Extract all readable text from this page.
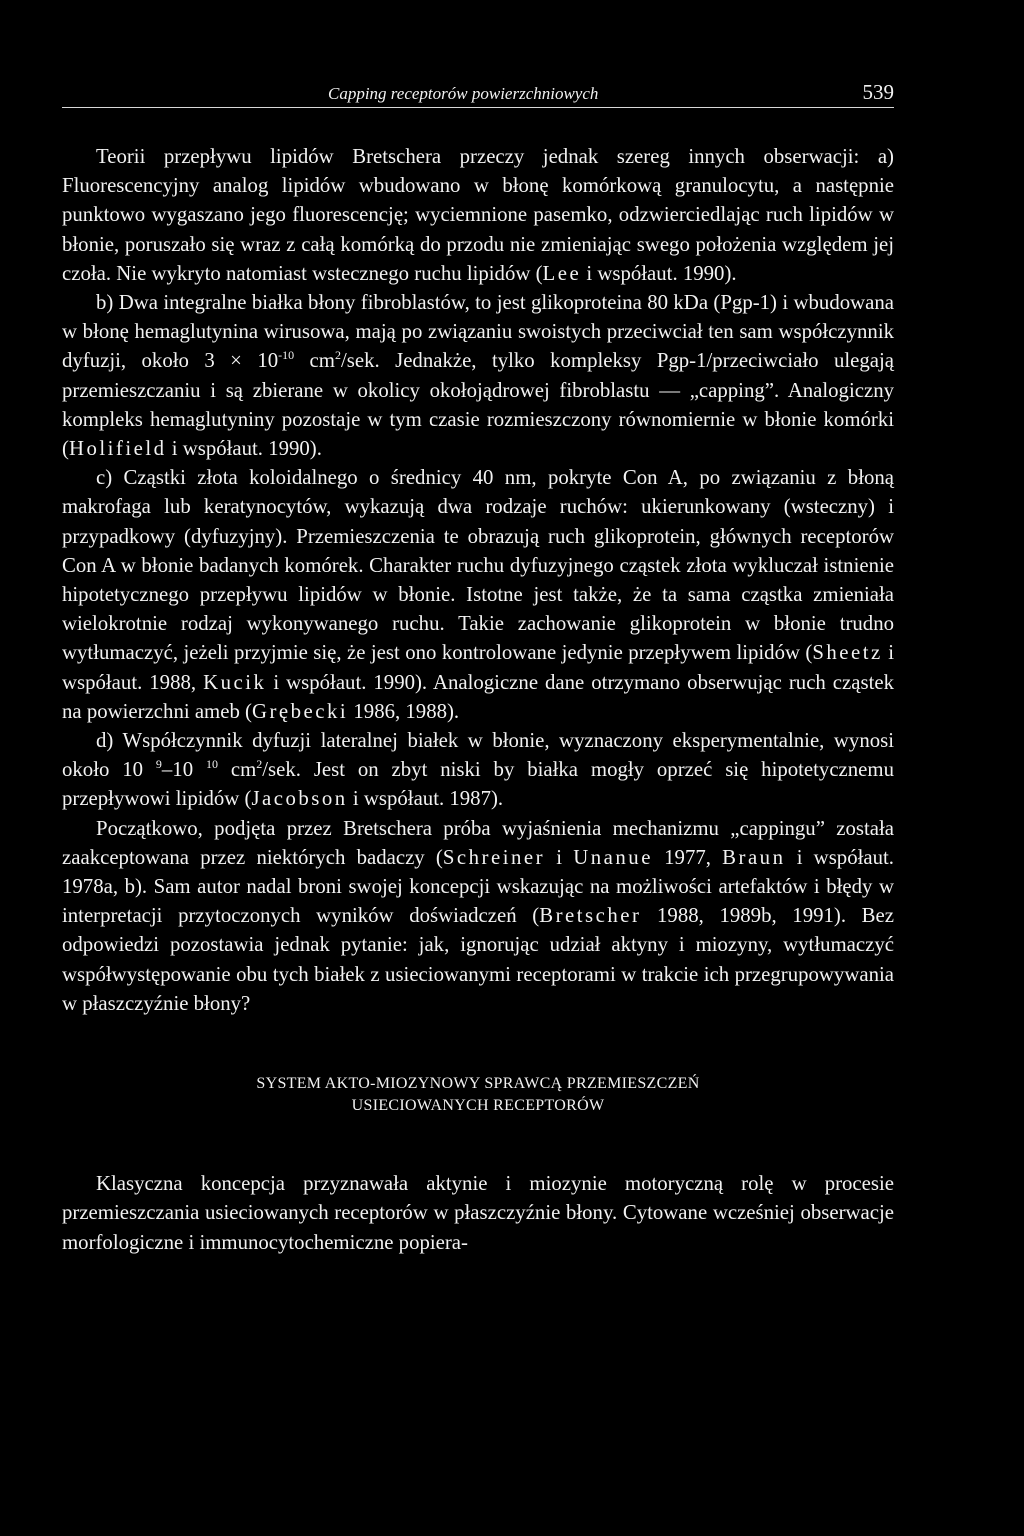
Capping receptorów powierzchniowych	539

Teorii przepływu lipidów Bretschera przeczy jednak szereg innych obserwacji: a) Fluorescencyjny analog lipidów wbudowano w błonę komórkową granulocytu, a następnie punktowo wygaszano jego fluorescencję; wyciemnione pasemko, odzwierciedlając ruch lipidów w błonie, poruszało się wraz z całą komórką do przodu nie zmieniając swego położenia względem jej czoła. Nie wykryto natomiast wstecznego ruchu lipidów (Lee i współaut. 1990).

b) Dwa integralne białka błony fibroblastów, to jest glikoproteina 80 kDa (Pgp-1) i wbudowana w błonę hemaglutynina wirusowa, mają po związaniu swoistych przeciwciał ten sam współczynnik dyfuzji, około $3 \times 10^{-10}$ $cm^2$/sek. Jednakże, tylko kompleksy Pgp-1/przeciwciało ulegają przemieszczaniu i są zbierane w okolicy okołojądrowej fibroblastu — „capping”. Analogiczny kompleks hemaglutyniny pozostaje w tym czasie rozmieszczony równomiernie w błonie komórki (Holifield i współaut. 1990).

c) Cząstki złota koloidalnego o średnicy 40 nm, pokryte Con A, po związaniu z błoną makrofaga lub keratynocytów, wykazują dwa rodzaje ruchów: ukierunkowany (wsteczny) i przypadkowy (dyfuzyjny). Przemieszczenia te obrazują ruch glikoprotein, głównych receptorów Con A w błonie badanych komórek. Charakter ruchu dyfuzyjnego cząstek złota wykluczał istnienie hipotetycznego przepływu lipidów w błonie. Istotne jest także, że ta sama cząstka zmieniała wielokrotnie rodzaj wykonywanego ruchu. Takie zachowanie glikoprotein w błonie trudno wytłumaczyć, jeżeli przyjmie się, że jest ono kontrolowane jedynie przepływem lipidów (Sheetz i współaut. 1988, Kucik i współaut. 1990). Analogiczne dane otrzymano obserwując ruch cząstek na powierzchni ameb (Grębecki 1986, 1988).

d) Współczynnik dyfuzji lateralnej białek w błonie, wyznaczony eksperymentalnie, wynosi około 10 $^9$–10 $^{10}$ $cm^2$/sek. Jest on zbyt niski by białka mogły oprzeć się hipotetycznemu przepływowi lipidów (Jacobson i współaut. 1987).

Początkowo, podjęta przez Bretschera próba wyjaśnienia mechanizmu „cappingu” została zaakceptowana przez niektórych badaczy (Schreiner i Unanue 1977, Braun i współaut. 1978a, b). Sam autor nadal broni swojej koncepcji wskazując na możliwości artefaktów i błędy w interpretacji przytoczonych wyników doświadczeń (Bretscher 1988, 1989b, 1991). Bez odpowiedzi pozostawia jednak pytanie: jak, ignorując udział aktyny i miozyny, wytłumaczyć współwystępowanie obu tych białek z usieciowanymi receptorami w trakcie ich przegrupowywania w płaszczyźnie błony?

SYSTEM AKTO-MIOZYNOWY SPRAWCĄ PRZEMIESZCZEŃ
USIECIOWANYCH RECEPTORÓW

Klasyczna koncepcja przyznawała aktynie i miozynie motoryczną rolę w procesie przemieszczania usieciowanych receptorów w płaszczyźnie błony. Cytowane wcześniej obserwacje morfologiczne i immunocytochemiczne popiera-
